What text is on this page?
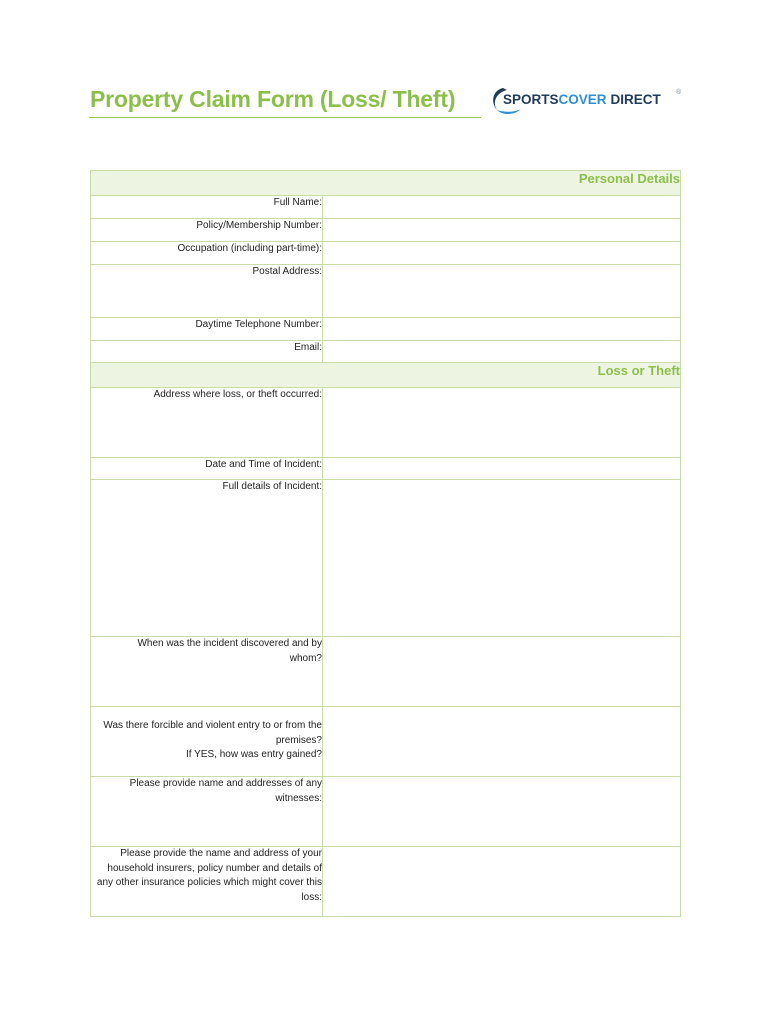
Property Claim Form (Loss/ Theft)	SPORTSCOVER DIRECT ®
Personal Details	
Full Name:	
Policy/Membership Number:	
Occupation (including part-time):	
Postal Address:	
Daytime Telephone Number:	
Email:	
Loss or Theft	
Address where loss, or theft occurred:	
Date and Time of Incident:	
Full details of Incident:	
When was the incident discovered and by whom?	

Was there forcible and violent entry to or from the premises?
If YES, how was entry gained?	

Please provide name and addresses of any witnesses:	
Please provide the name and address of your household insurers, policy number and details of any other insurance policies which might cover this loss:	
